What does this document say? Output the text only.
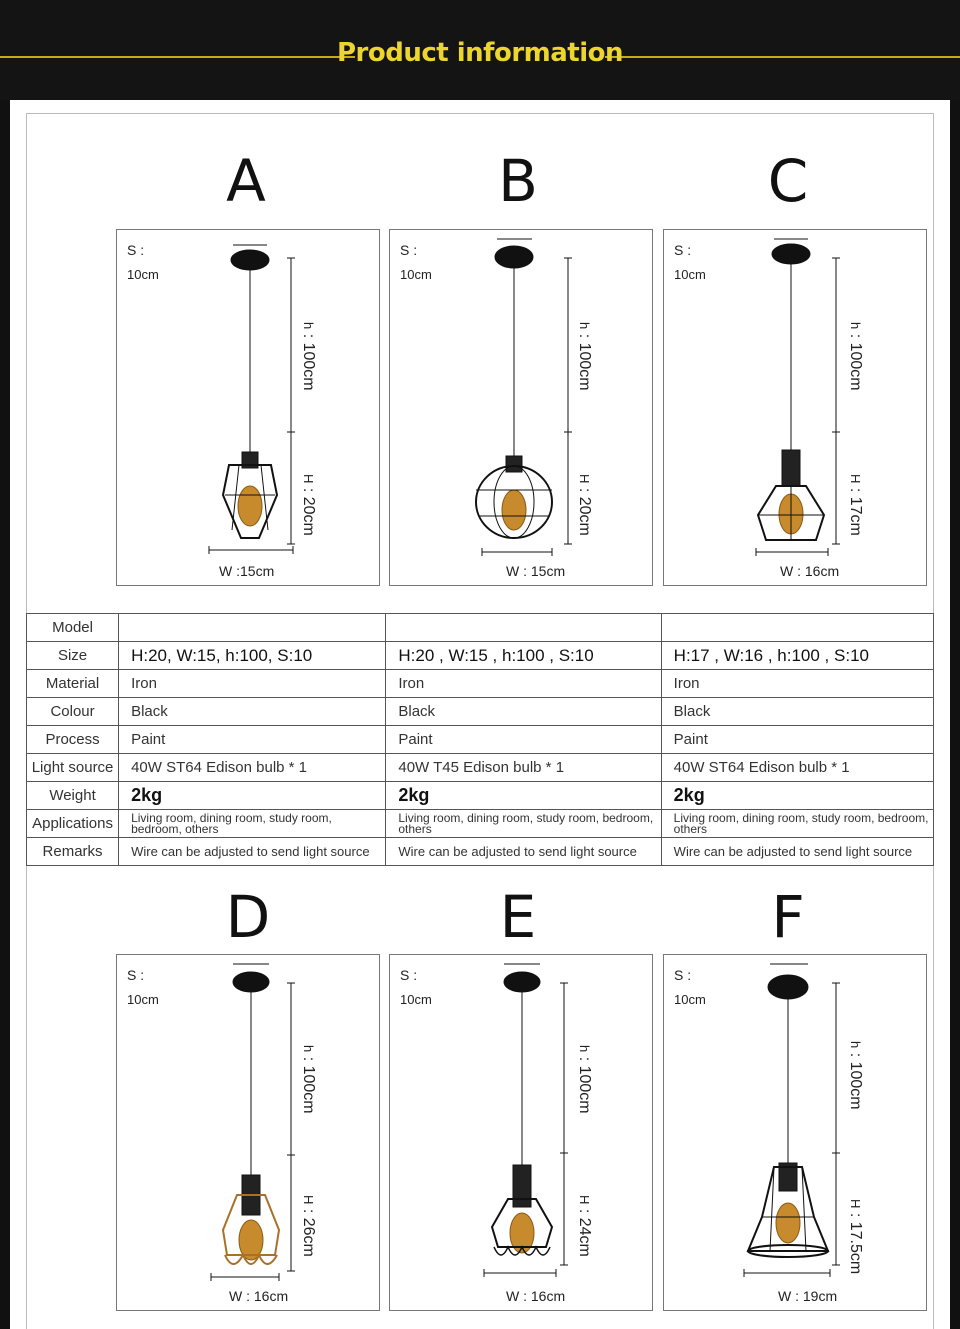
Product information
A	B	C
D	E	F
S :
10cm
h : 100cm
H : 20cm
W :15cm
S :
10cm
h : 100cm
H : 20cm
W : 15cm
S :
10cm
h : 100cm
H : 17cm
W : 16cm
Model			
Size	H:20, W:15, h:100, S:10	H:20 , W:15 , h:100 , S:10	H:17 , W:16 , h:100 , S:10
Material	Iron	Iron	Iron
Colour	Black	Black	Black
Process	Paint	Paint	Paint
Light source	40W ST64 Edison bulb * 1	40W T45 Edison bulb * 1	40W ST64 Edison bulb * 1
Weight	2kg	2kg	2kg
Applications	Living room, dining room, study room, bedroom, others	Living room, dining room, study room, bedroom, others	Living room, dining room, study room, bedroom, others
Remarks	Wire can be adjusted to send light source	Wire can be adjusted to send light source	Wire can be adjusted to send light source
S :
10cm
h : 100cm
H : 26cm
W : 16cm
S :
10cm
h : 100cm
H : 24cm
W : 16cm
S :
10cm
h : 100cm
H : 17.5cm
W : 19cm
